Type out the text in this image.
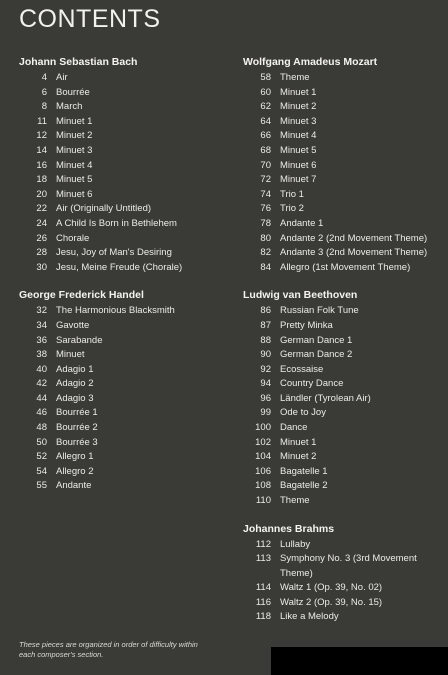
CONTENTS
Johann Sebastian Bach
4 Air
6 Bourrée
8 March
11 Minuet 1
12 Minuet 2
14 Minuet 3
16 Minuet 4
18 Minuet 5
20 Minuet 6
22 Air (Originally Untitled)
24 A Child Is Born in Bethlehem
26 Chorale
28 Jesu, Joy of Man's Desiring
30 Jesu, Meine Freude (Chorale)
George Frederick Handel
32 The Harmonious Blacksmith
34 Gavotte
36 Sarabande
38 Minuet
40 Adagio 1
42 Adagio 2
44 Adagio 3
46 Bourrée 1
48 Bourrée 2
50 Bourrée 3
52 Allegro 1
54 Allegro 2
55 Andante
Wolfgang Amadeus Mozart
58 Theme
60 Minuet 1
62 Minuet 2
64 Minuet 3
66 Minuet 4
68 Minuet 5
70 Minuet 6
72 Minuet 7
74 Trio 1
76 Trio 2
78 Andante 1
80 Andante 2 (2nd Movement Theme)
82 Andante 3 (2nd Movement Theme)
84 Allegro (1st Movement Theme)
Ludwig van Beethoven
86 Russian Folk Tune
87 Pretty Minka
88 German Dance 1
90 German Dance 2
92 Ecossaise
94 Country Dance
96 Ländler (Tyrolean Air)
99 Ode to Joy
100 Dance
102 Minuet 1
104 Minuet 2
106 Bagatelle 1
108 Bagatelle 2
110 Theme
Johannes Brahms
112 Lullaby
113 Symphony No. 3 (3rd Movement Theme)
114 Waltz 1 (Op. 39, No. 02)
116 Waltz 2 (Op. 39, No. 15)
118 Like a Melody
These pieces are organized in order of difficulty within each composer's section.
